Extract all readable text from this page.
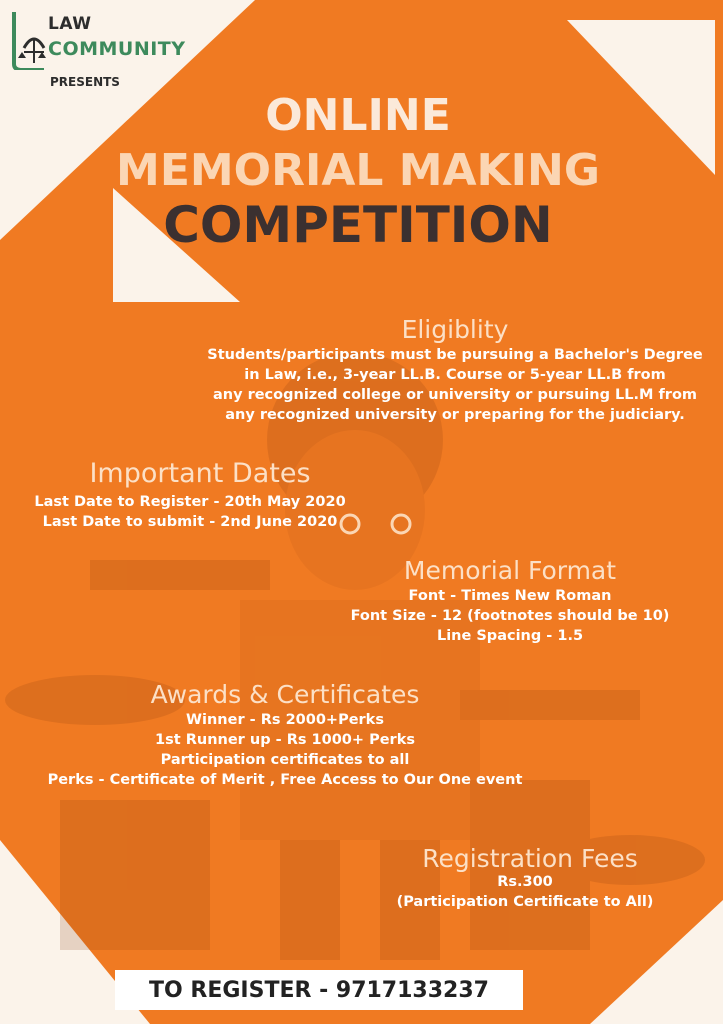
LAW
COMMUNITY
PRESENTS
ONLINE
MEMORIAL MAKING
COMPETITION
Eligiblity
Students/participants must be pursuing a Bachelor's Degree
in Law, i.e., 3-year LL.B. Course or 5-year LL.B from
any recognized college or university or pursuing LL.M from
any recognized university or preparing for the judiciary.
Important Dates
Last Date to Register - 20th May 2020
Last Date to submit - 2nd June 2020
Memorial Format
Font - Times New Roman
Font Size - 12 (footnotes should be 10)
Line Spacing - 1.5
Awards & Certificates
Winner - Rs 2000+Perks
1st Runner up - Rs 1000+ Perks
Participation certificates to all
Perks - Certificate of Merit , Free Access to Our One event
Registration Fees
Rs.300
(Participation Certificate to All)
TO REGISTER - 9717133237
